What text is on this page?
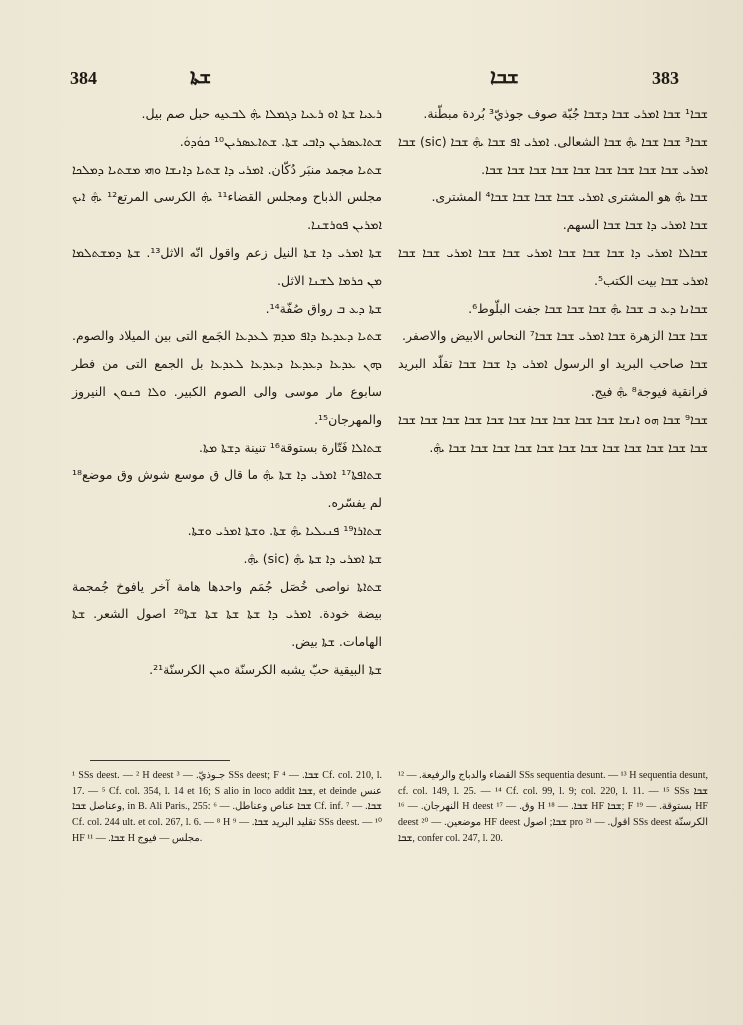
384	ܫܬܐ	ܫܒܐ	383

ܪܥܝܐ ܫܬܐ ܐܘ ܪܥܝܐ ܕܓܡܠܐ ܞ ܠܒܥيه حبل صم بيل.

ܫܬܐܥܣܪܝܢ ܕܐܒܝ ܫܬܐ. ܫܬܐܥܣܪܝܢ¹⁰ ܟܘܿܕܘܿ.

ܫܬܝܐ مجمد منبَر دُكّان. ܐܡܪܝ ܕܐ ܫܬܝܐ ܕܐܢܫܐ ܘܗܝ ܡܫܬܝܐ ܕܡܠܟܐ مجلس الذباح ومجلس القضاء¹¹ ܞ الكرسى المرتع¹² ܞ ܐܝܟ ܐܡܪܝܢ ܦܘܪܫܢܐ.

ܫܬܐ ܐܡܪܝ ܕܐ ܫܬܐ النيل زعم واقول انّه الاثل¹³. ܫܬܐ ܕܡܫܬܠܡܐ ܡܢ ܟܪܡܐ ܠܫܢܐ الاثل.

ܫܬܐ ܕܥ ܒ رواق صُفّة¹⁴.

ܫܬܝܐ ܕܥܕܥܐ ܕܐܦ ܡܕܡ ܠܥܕܥܐ الجَمع التى بين الميلاد والصوم. ܕܗܢ ܥܕܥܐ ܕܥܕܥܐ ܕܥܕܥܐ ܠܥܕܥܐ بل الجمع التى من فطر سابوع مار موسى والى الصوم الكبير. ܘܠܐ ܟܢܘܢ النيروز والمهرجان¹⁵.

ܫܬܐܠܐ فَتّارة بستوقة¹⁶ تنينة ܕܫܬܐ ܡܬܐ.

ܫܬܐܦܬܐ¹⁷ ܐܡܪܝ ܕܐ ܫܬܐ ܞ ما قال ق موسع شوش وق موضع¹⁸ لم يفسّره.

ܫܬܐܪܐ¹⁹ ܦܢܝܠܝܐ ܞ ܫܬܐ. ܘܫܬܐ ܐܡܪܝ ܘܫܬܐ.

ܫܬܐ ܐܡܪܝ ܕܐ ܫܬܐ ܞ (sic) ܞ.

ܫܬܐܬܐ نواصى خُصَل جُمَم واحدها هامة آخر يافوخ جُمجمة بيضة خودة. ܐܡܪܝ ܕܐ ܫܬܐ ܫܬܐ ܫܬܐ ܫܬܐ²⁰ اصول الشعر. ܫܬܐ الهامات. ܫܬܐ بيض.

ܫܬܐ البيقية حبّ يشبه الكرسنّة ܘܚܢ الكرسنّة²¹.

ܫܒܐ¹ ܫܒܐ ܐܡܪܝ ܫܒܐ ܕܫܒܐ جُبّة صوف جوذيّ³ بُردة مبطّنة.

ܫܒܐ³ ܫܒܐ ܫܒܐ ܞ ܫܒܐ الشعالى. ܐܡܪܝ ܐܦ ܫܒܐ ܞ ܫܒܐ (sic) ܫܒܐ ܐܡܪܝ ܫܒܐ ܫܒܐ ܫܒܐ ܫܒܐ ܫܒܐ ܫܒܐ ܫܒܐ ܫܒܐ ܫܒܐ.

ܫܒܐ ܞ هو المشترى ܐܡܪܝ ܫܒܐ ܫܒܐ ܫܒܐ ܫܒܐ⁴ المشترى.

ܫܒܐ ܐܡܪܝ ܕܐ ܫܒܐ ܫܒܐ السهم.

ܫܒܐܠܐ ܐܡܪܝ ܕܐ ܫܒܐ ܫܒܐ ܫܒܐ ܐܡܪܝ ܫܒܐ ܫܒܐ ܐܡܪܝ ܫܒܐ ܫܒܐ ܐܡܪܝ ܫܒܐ بيت الكتب⁵.

ܫܒܐܢܐ ܕܥ ܒ ܫܒܐ ܞ ܫܒܐ ܫܒܐ ܫܒܐ جفت البلّوط⁶.

ܫܒܐ ܫܒܐ الزهرة ܫܒܐ ܐܡܪܝ ܫܒܐ ܫܒܐ⁷ النحاس الابيض والاصفر.

ܫܒܐ صاحب البريد او الرسول ܐܡܪܝ ܕܐ ܫܒܐ ܫܒܐ تقلّد البريد فرانقية فيوجة⁸ ܞ فيج.

ܫܒܐ⁹ ܫܒܐ ܗܘ ܐܢܫܐ ܫܒܐ ܫܒܐ ܫܒܐ ܫܒܐ ܫܒܐ ܫܒܐ ܫܒܐ ܫܒܐ ܫܒܐ ܫܒܐ ܫܒܐ ܫܒܐ ܫܒܐ ܫܒܐ ܫܒܐ ܫܒܐ ܫܒܐ ܫܒܐ ܫܒܐ ܫܒܐ ܫܒܐ ܫܒܐ ܞ.

¹ SSs deest. — ² H deest جـوذيّ. — ³ SSs deest; F ܫܒܐ. — ⁴ Cf. col. 210, l. 17. — ⁵ Cf. col. 354, l. 14 et 16; S alio in loco addit ܫܒܐ, et deinde عنس وعناصل ܫܒܐ, in B. Ali Paris., 255: ܫܒܐ عناص وعناطل. — ⁶ Cf. inf. ܫܒܐ. — ⁷ Cf. col. 244 ult. et col. 267, l. 6. — ⁸ H تقليد البريد ܫܒܐ. — ⁹ SSs deest. — ¹⁰ HF ܫܒܐ. — ¹¹ H مجلس — فيوج.

القضاء والدباج والرفيعة. — ¹² SSs sequentia desunt. — ¹³ H sequentia desunt, cf. col. 149, l. 25. — ¹⁴ Cf. col. 99, l. 9; col. 220, l. 11. — ¹⁵ SSs ܫܒܐ النهرجان. — ¹⁶ H deest وق. — ¹⁷ H ܫܒܐ. — ¹⁸ HF ܫܒܐ; F بستوقة. — ¹⁹ HF deest موضعين. — ²⁰ HF deest ܫܒܐ; اصول pro اقول. — ²¹ SSs deest الكرسنّة ܫܒܐ, confer col. 247, l. 20.
